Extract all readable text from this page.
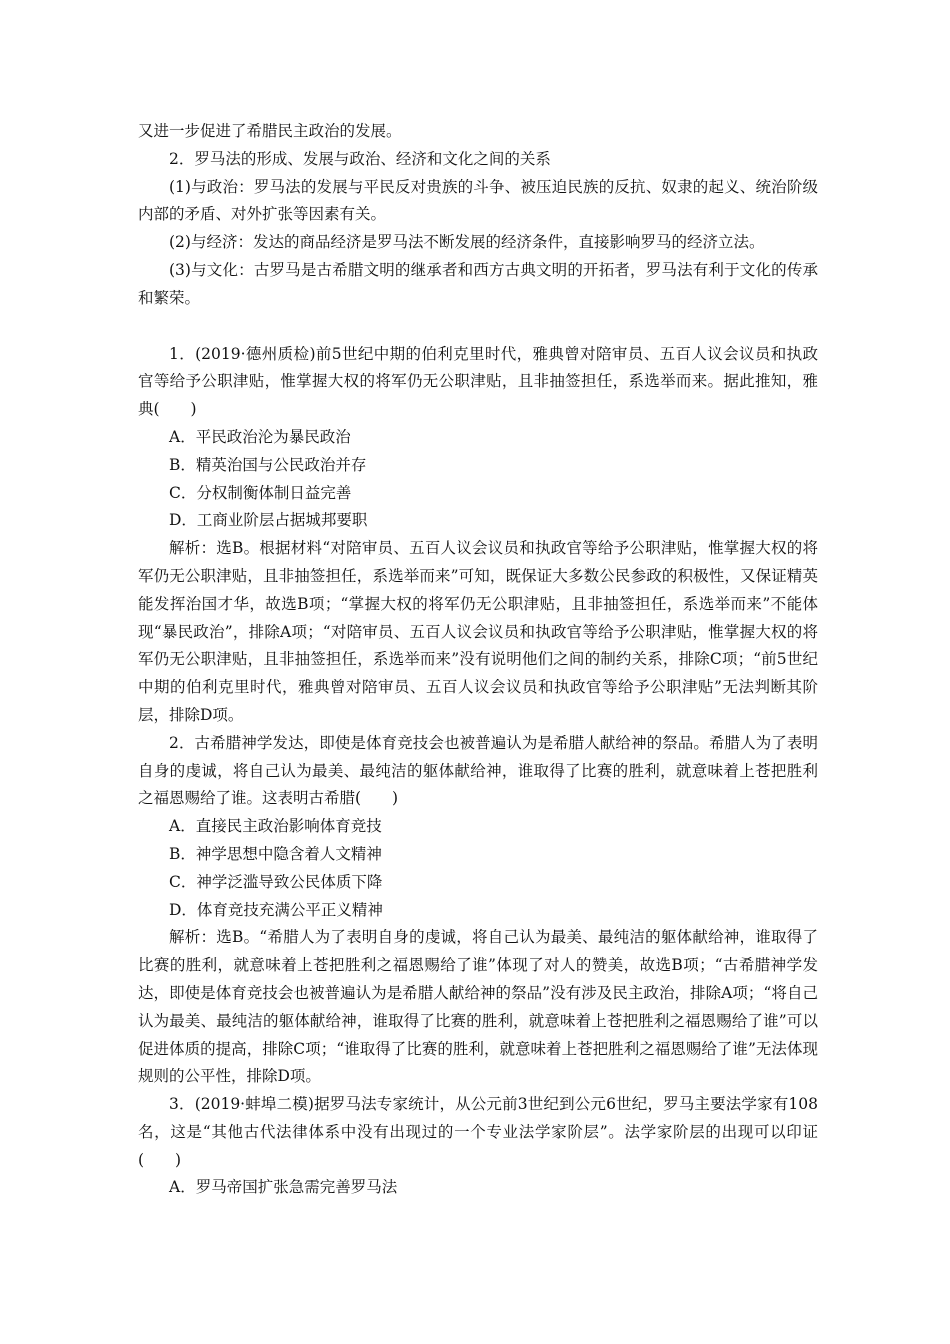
又进一步促进了希腊民主政治的发展。

2．罗马法的形成、发展与政治、经济和文化之间的关系

(1)与政治：罗马法的发展与平民反对贵族的斗争、被压迫民族的反抗、奴隶的起义、统治阶级内部的矛盾、对外扩张等因素有关。

(2)与经济：发达的商品经济是罗马法不断发展的经济条件，直接影响罗马的经济立法。

(3)与文化：古罗马是古希腊文明的继承者和西方古典文明的开拓者，罗马法有利于文化的传承和繁荣。

1．(2019·德州质检)前5世纪中期的伯利克里时代，雅典曾对陪审员、五百人议会议员和执政官等给予公职津贴，惟掌握大权的将军仍无公职津贴，且非抽签担任，系选举而来。据此推知，雅典(　　)

A．平民政治沦为暴民政治

B．精英治国与公民政治并存

C．分权制衡体制日益完善

D．工商业阶层占据城邦要职

解析：选B。根据材料“对陪审员、五百人议会议员和执政官等给予公职津贴，惟掌握大权的将军仍无公职津贴，且非抽签担任，系选举而来”可知，既保证大多数公民参政的积极性，又保证精英能发挥治国才华，故选B项；“掌握大权的将军仍无公职津贴，且非抽签担任，系选举而来”不能体现“暴民政治”，排除A项；“对陪审员、五百人议会议员和执政官等给予公职津贴，惟掌握大权的将军仍无公职津贴，且非抽签担任，系选举而来”没有说明他们之间的制约关系，排除C项；“前5世纪中期的伯利克里时代，雅典曾对陪审员、五百人议会议员和执政官等给予公职津贴”无法判断其阶层，排除D项。

2．古希腊神学发达，即使是体育竞技会也被普遍认为是希腊人献给神的祭品。希腊人为了表明自身的虔诚，将自己认为最美、最纯洁的躯体献给神，谁取得了比赛的胜利，就意味着上苍把胜利之福恩赐给了谁。这表明古希腊(　　)

A．直接民主政治影响体育竞技

B．神学思想中隐含着人文精神

C．神学泛滥导致公民体质下降

D．体育竞技充满公平正义精神

解析：选B。“希腊人为了表明自身的虔诚，将自己认为最美、最纯洁的躯体献给神，谁取得了比赛的胜利，就意味着上苍把胜利之福恩赐给了谁”体现了对人的赞美，故选B项；“古希腊神学发达，即使是体育竞技会也被普遍认为是希腊人献给神的祭品”没有涉及民主政治，排除A项；“将自己认为最美、最纯洁的躯体献给神，谁取得了比赛的胜利，就意味着上苍把胜利之福恩赐给了谁”可以促进体质的提高，排除C项；“谁取得了比赛的胜利，就意味着上苍把胜利之福恩赐给了谁”无法体现规则的公平性，排除D项。

3．(2019·蚌埠二模)据罗马法专家统计，从公元前3世纪到公元6世纪，罗马主要法学家有108名，这是“其他古代法律体系中没有出现过的一个专业法学家阶层”。法学家阶层的出现可以印证(　　)

A．罗马帝国扩张急需完善罗马法
